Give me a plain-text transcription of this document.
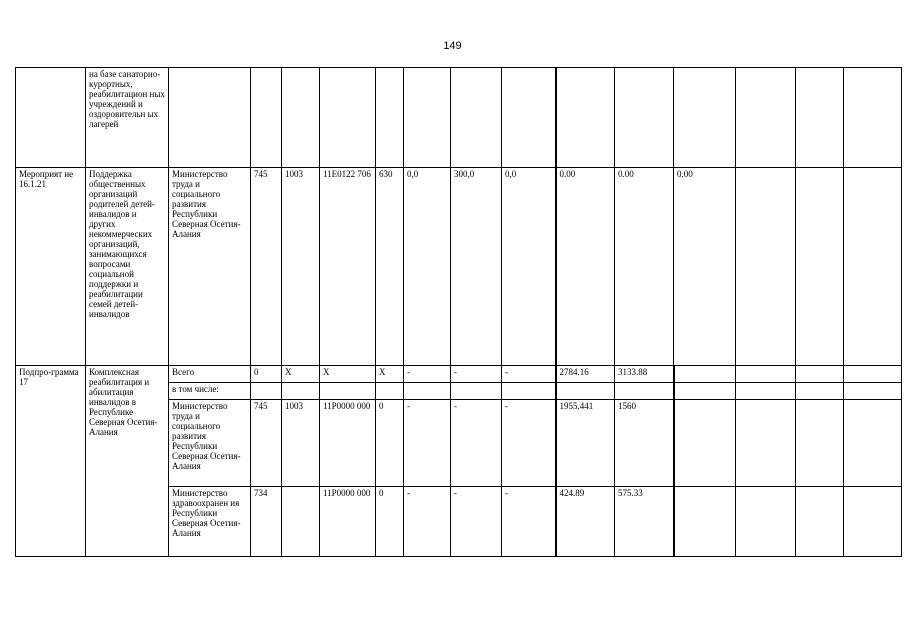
149
	на базе санаторно-курортных, реабилитацион ных учреждений и оздоровительн ых лагерей														
Мероприят ие 16.1.21	Поддержка общественных организаций родителей детей-инвалидов и других некоммерческих организаций, занимающихся вопросами социальной поддержки и реабилитации семей детей-инвалидов	Министерство труда и социального развития Республики Северная Осетия-Алания	745	1003	11Е0122 706	630	0,0	300,0	0,0	0.00	0.00	0.00			
Подпро-грамма 17	Комплексная реабилитация и абилитация инвалидов в Республике Северная Осетия-Алания	Всего	0	X	X	X	-	-	-	2784.16	3133.88				
		в том числе:													
		Министерство труда и социального развития Республики Северная Осетия-Алания	745	1003	11Р0000 000	0	-	-	-	1955.441	1560				
		Министерство здравоохранен ия Республики Северная Осетия-Алания	734		11Р0000 000	0	-	-	-	424.89	575.33				
